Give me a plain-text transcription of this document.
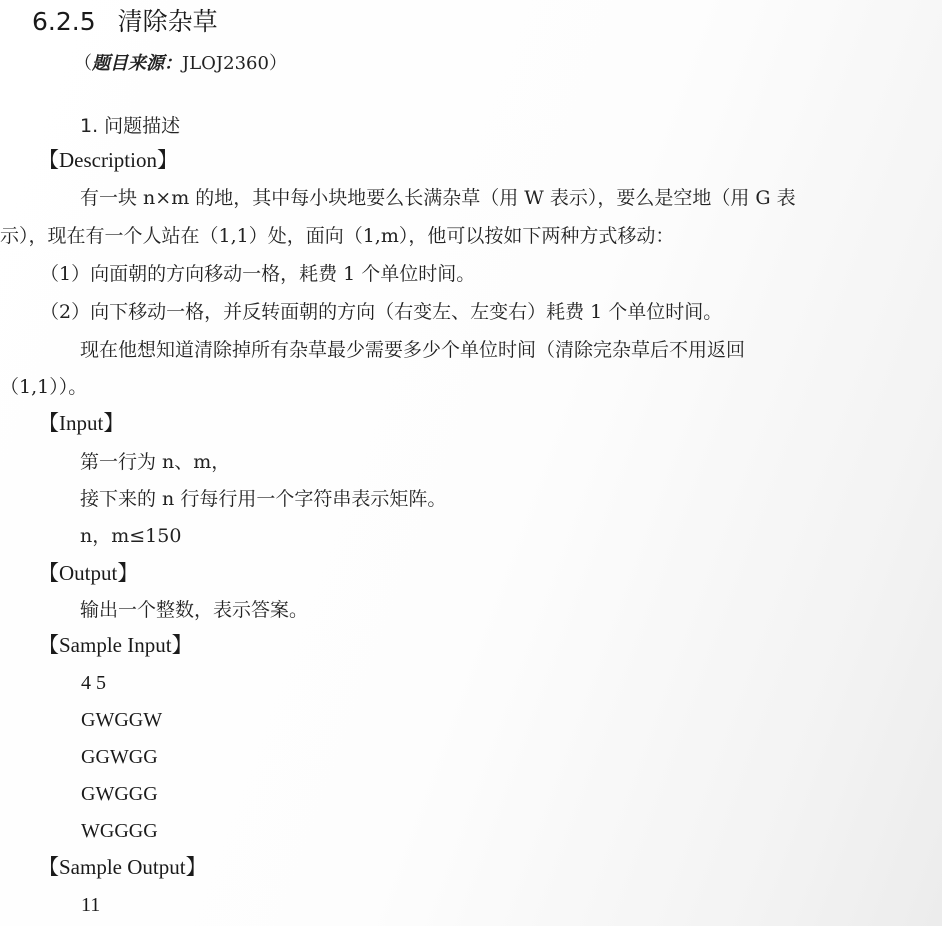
6.2.5 清除杂草
（题目来源：JLOJ2360）
1. 问题描述
【Description】
有一块 n×m 的地，其中每小块地要么长满杂草（用 W 表示），要么是空地（用 G 表
示），现在有一个人站在（1,1）处，面向（1,m），他可以按如下两种方式移动：
（1）向面朝的方向移动一格，耗费 1 个单位时间。
（2）向下移动一格，并反转面朝的方向（右变左、左变右）耗费 1 个单位时间。
现在他想知道清除掉所有杂草最少需要多少个单位时间（清除完杂草后不用返回
（1,1））。
【Input】
第一行为 n、m，
接下来的 n 行每行用一个字符串表示矩阵。
n，m≤150
【Output】
输出一个整数，表示答案。
【Sample Input】
4 5
GWGGW
GGWGG
GWGGG
WGGGG
【Sample Output】
11
